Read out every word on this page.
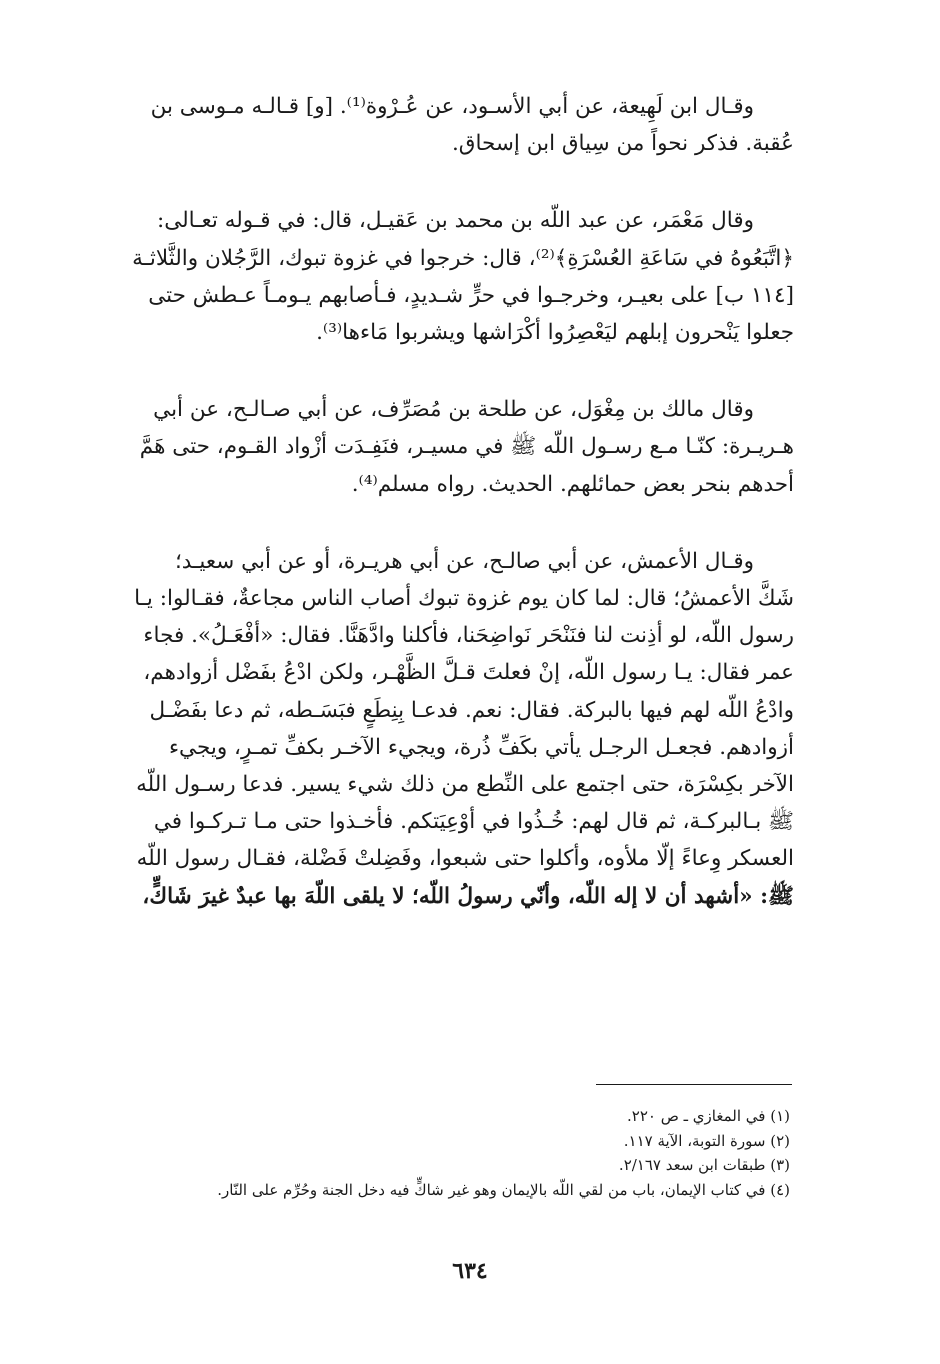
وقـال ابن لَهِيعة، عن أبي الأسـود، عن عُـرْوة⁽¹⁾. [و] قـالـه مـوسى بن

عُقبة. فذكر نحواً من سِياق ابن إسحاق.

وقال مَعْمَر، عن عبد اللّه بن محمد بن عَقيـل، قال: في قـوله تعـالى:

﴿اتَّبَعُوهُ في سَاعَةِ العُسْرَةِ﴾⁽²⁾، قال: خرجوا في غزوة تبوك، الرَّجُلان والثَّلاثـة

[١١٤ ب] على بعيـر، وخرجـوا في حرٍّ شـديدٍ، فـأصابهم يـومـاً عـطش حتى

جعلوا يَنْحرون إبلهم ليَعْصِرُوا أكْرَاشها ويشربوا مَاءها⁽³⁾.

وقال مالك بن مِغْوَل، عن طلحة بن مُصَرِّف، عن أبي صـالـح، عن أبي

هـريـرة: كنّـا مـع رسـول اللّه ﷺ في مسيـر، فنَفِـدَت أزْواد القـوم، حتى هَمَّ

أحدهم بنحر بعض حمائلهم. الحديث. رواه مسلم⁽⁴⁾.

وقـال الأعمش، عن أبي صالـح، عن أبي هريـرة، أو عن أبي سعيـد؛

شَكَّ الأعمشُ؛ قال: لما كان يوم غزوة تبوك أصاب الناس مجاعةٌ، فقـالوا: يـا

رسول اللّه، لو أذِنت لنا فنَنْحَر نَواضِحَنا، فأكلنا وادَّهَنَّا. فقال: «أفْعَـلُ». فجاء

عمر فقال: يـا رسول اللّه، إنْ فعلتَ قـلَّ الظَّهْـر، ولكن ادْعُ بفَضْل أزوادهم،

وادْعُ اللّه لهم فيها بالبركة. فقال: نعم. فدعـا بِنِطَعٍ فبَسَـطه، ثم دعا بفَضْـل

أزوادهم. فجعـل الرجـل يأتي بكَفِّ ذُرة، ويجيء الآخـر بكفِّ تمـرٍ، ويجيء

الآخر بكِسْرَة، حتى اجتمع على النِّطع من ذلك شيء يسير. فدعا رسـول اللّه

ﷺ بـالبركـة، ثم قال لهم: خُـذُوا في أوْعِيَتكم. فأخـذوا حتى مـا تـركـوا في

العسكر وِعاءً إلّا ملأوه، وأكلوا حتى شبعوا، وفَضِلتْ فَضْلة، فقـال رسول اللّه

ﷺ: «أشهد أن لا إله اللّه، وأنّي رسولُ اللّه؛ لا يلقى اللّهَ بها عبدٌ غيرَ شَاكٍّ،

(١) في المغازي ـ ص ٢٢٠.

(٢) سورة التوبة، الآية ١١٧.

(٣) طبقات ابن سعد ٢/١٦٧.

(٤) في كتاب الإيمان، باب من لقي اللّه بالإيمان وهو غير شاكٍّ فيه دخل الجنة وحُرِّم على النّار.

٦٣٤
